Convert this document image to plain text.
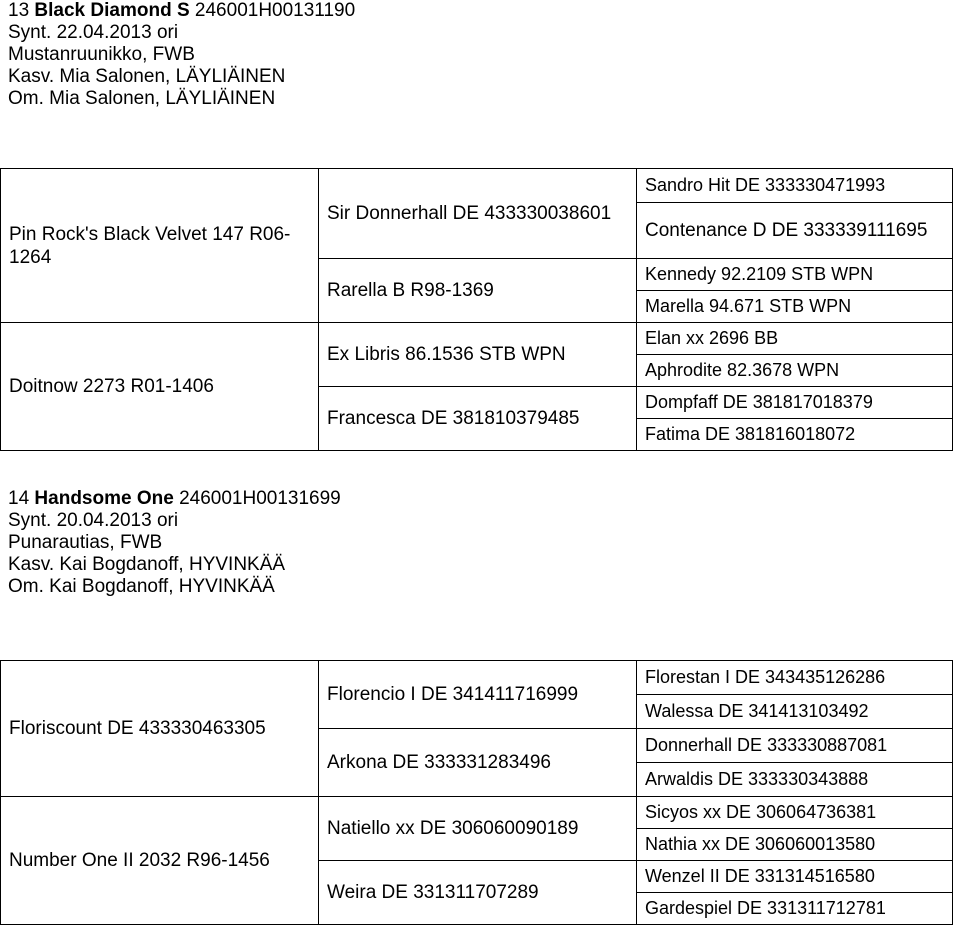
13 Black Diamond S 246001H00131190
Synt. 22.04.2013 ori
Mustanruunikko, FWB
Kasv. Mia Salonen, LÄYLIÄINEN
Om. Mia Salonen, LÄYLIÄINEN
Pin Rock's Black Velvet 147 R06-1264	Sir Donnerhall DE 433330038601	Sandro Hit DE 333330471993
		Contenance D DE 333339111695
	Rarella B R98-1369	Kennedy 92.2109 STB WPN
		Marella 94.671 STB WPN
Doitnow 2273 R01-1406	Ex Libris 86.1536 STB WPN	Elan xx 2696 BB
		Aphrodite 82.3678 WPN
	Francesca DE 381810379485	Dompfaff DE 381817018379
		Fatima DE 381816018072
14 Handsome One 246001H00131699
Synt. 20.04.2013 ori
Punarautias, FWB
Kasv. Kai Bogdanoff, HYVINKÄÄ
Om. Kai Bogdanoff, HYVINKÄÄ
Floriscount DE 433330463305	Florencio I DE 341411716999	Florestan I DE 343435126286
		Walessa DE 341413103492
	Arkona DE 333331283496	Donnerhall DE 333330887081
		Arwaldis DE 333330343888
Number One II 2032 R96-1456	Natiello xx DE 306060090189	Sicyos xx DE 306064736381
		Nathia xx DE 306060013580
	Weira DE 331311707289	Wenzel II DE 331314516580
		Gardespiel DE 331311712781
